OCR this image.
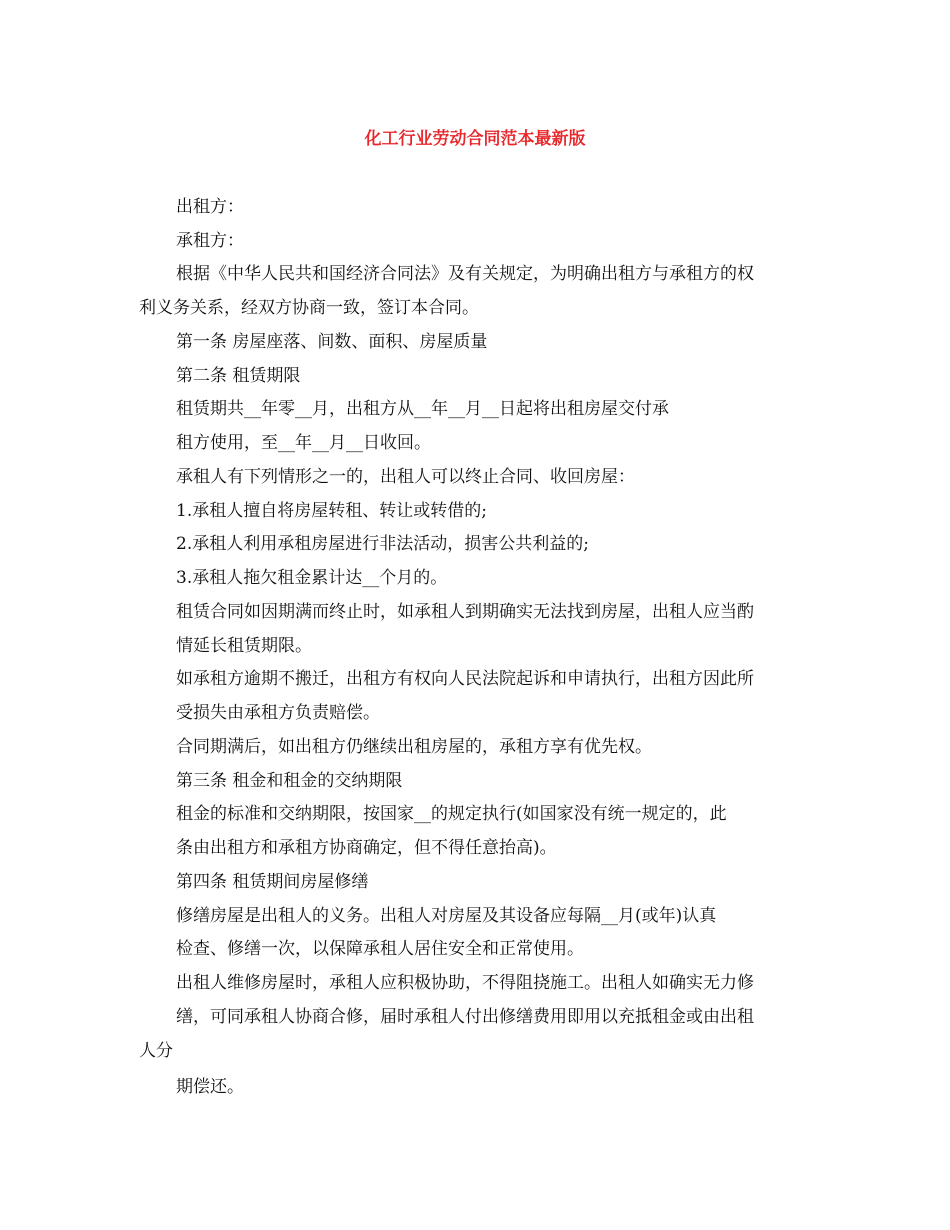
化工行业劳动合同范本最新版
出租方：
承租方：
根据《中华人民共和国经济合同法》及有关规定，为明确出租方与承租方的权
利义务关系，经双方协商一致，签订本合同。
第一条 房屋座落、间数、面积、房屋质量
第二条 租赁期限
租赁期共__年零__月，出租方从__年__月__日起将出租房屋交付承
租方使用，至__年__月__日收回。
承租人有下列情形之一的，出租人可以终止合同、收回房屋：
1.承租人擅自将房屋转租、转让或转借的;
2.承租人利用承租房屋进行非法活动，损害公共利益的;
3.承租人拖欠租金累计达__个月的。
租赁合同如因期满而终止时，如承租人到期确实无法找到房屋，出租人应当酌
情延长租赁期限。
如承租方逾期不搬迁，出租方有权向人民法院起诉和申请执行，出租方因此所
受损失由承租方负责赔偿。
合同期满后，如出租方仍继续出租房屋的，承租方享有优先权。
第三条 租金和租金的交纳期限
租金的标准和交纳期限，按国家__的规定执行(如国家没有统一规定的，此
条由出租方和承租方协商确定，但不得任意抬高)。
第四条 租赁期间房屋修缮
修缮房屋是出租人的义务。出租人对房屋及其设备应每隔__月(或年)认真
检查、修缮一次，以保障承租人居住安全和正常使用。
出租人维修房屋时，承租人应积极协助，不得阻挠施工。出租人如确实无力修
缮，可同承租人协商合修，届时承租人付出修缮费用即用以充抵租金或由出租
人分
期偿还。
